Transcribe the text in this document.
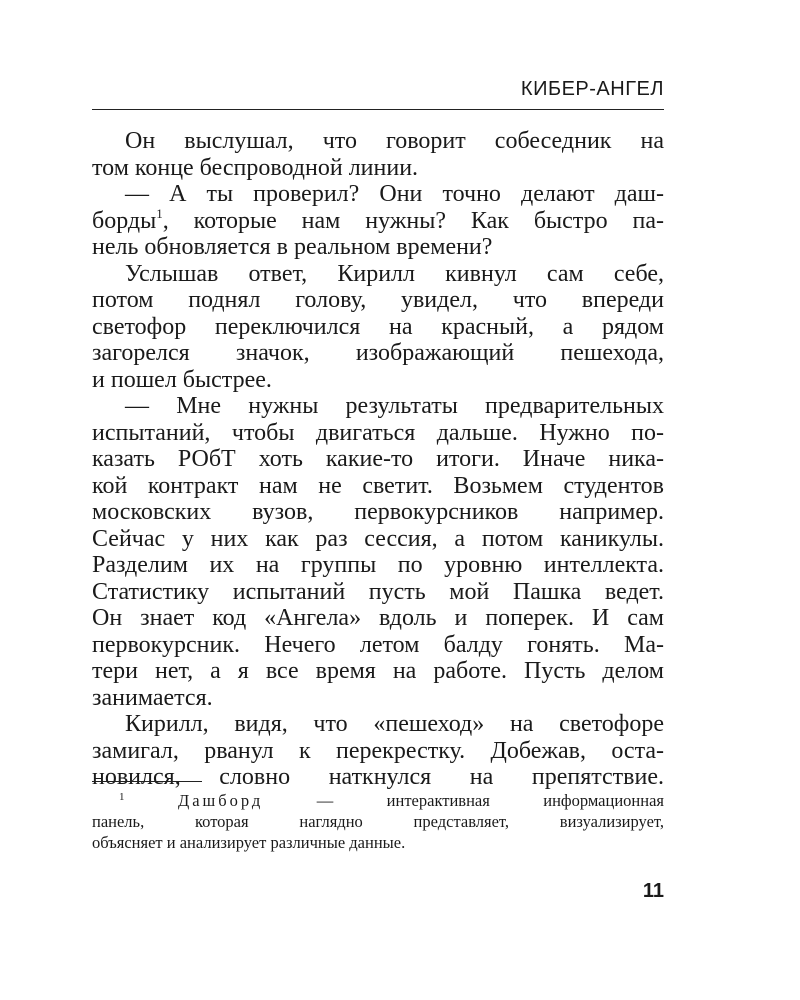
КИБЕР-АНГЕЛ
Он выслушал, что говорит собеседник на
том конце беспроводной линии.
— А ты проверил? Они точно делают даш-
борды$^1$, которые нам нужны? Как быстро па-
нель обновляется в реальном времени?
Услышав ответ, Кирилл кивнул сам себе,
потом поднял голову, увидел, что впереди
светофор переключился на красный, а рядом
загорелся значок, изображающий пешехода,
и пошел быстрее.
— Мне нужны результаты предварительных
испытаний, чтобы двигаться дальше. Нужно по-
казать РОбТ хоть какие-то итоги. Иначе ника-
кой контракт нам не светит. Возьмем студентов
московских вузов, первокурсников например.
Сейчас у них как раз сессия, а потом каникулы.
Разделим их на группы по уровню интеллекта.
Статистику испытаний пусть мой Пашка ведет.
Он знает код «Ангела» вдоль и поперек. И сам
первокурсник. Нечего летом балду гонять. Ма-
тери нет, а я все время на работе. Пусть делом
занимается.
Кирилл, видя, что «пешеход» на светофоре
замигал, рванул к перекрестку. Добежав, оста-
новился, словно наткнулся на препятствие.
$^1$	Дашборд — интерактивная информационная
панель, которая наглядно представляет, визуализирует,
объясняет и анализирует различные данные.
11
